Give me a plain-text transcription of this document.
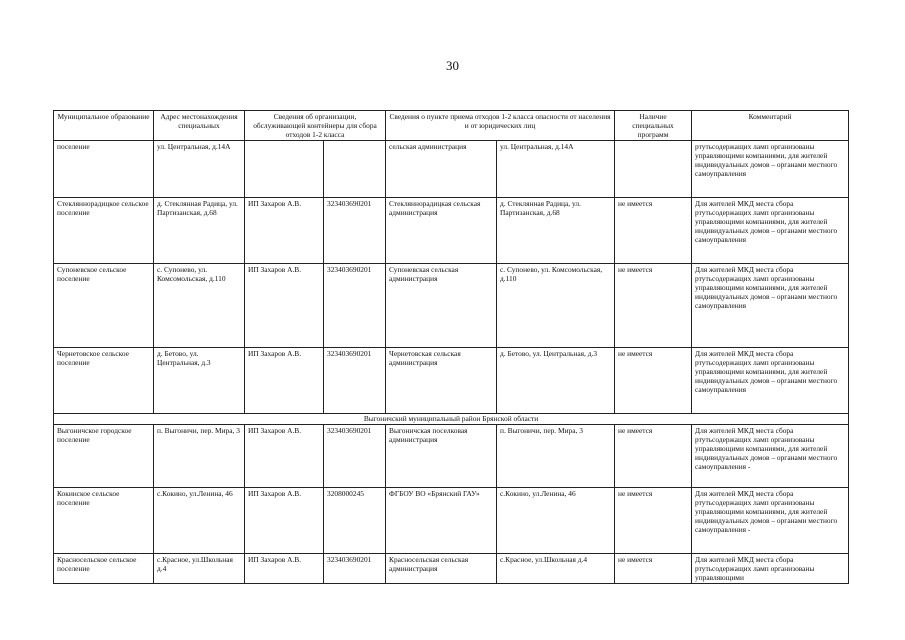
30
Муниципальное образование	Адрес местонахождения специальных	Сведения об организации, обслуживающей контейнеры для сбора отходов 1-2 класса		Сведения о пункте приема отходов 1-2 класса опасности от населения и от юридических лиц		Наличие специальных программ	Комментарий
поселение	ул. Центральная, д.14А			сельская администрация	ул. Центральная, д.14А		ртутьсодержащих ламп организованы управляющими компаниями, для жителей индивидуальных домов – органами местного самоуправления
Стекляннорадицкое сельское поселение	д. Стеклянная Радица, ул. Партизанская, д.68	ИП Захаров А.В.	323403690201	Стекляннорадицкая сельская администрация	д. Стеклянная Радица, ул. Партизанская, д.68	не имеется	Для жителей МКД места сбора ртутьсодержащих ламп организованы управляющими компаниями, для жителей индивидуальных домов – органами местного самоуправления
Супоневское сельское поселение	с. Супонево, ул. Комсомольская, д.110	ИП Захаров А.В.	323403690201	Супоневская сельская администрация	с. Супонево, ул. Комсомольская, д.110	не имеется	Для жителей МКД места сбора ртутьсодержащих ламп организованы управляющими компаниями, для жителей индивидуальных домов – органами местного самоуправления
Чернетовское сельское поселение	д. Бетово, ул. Центральная, д.3	ИП Захаров А.В.	323403690201	Чернетовская сельская администрация	д. Бетово, ул. Центральная, д.3	не имеется	Для жителей МКД места сбора ртутьсодержащих ламп организованы управляющими компаниями, для жителей индивидуальных домов – органами местного самоуправления
Выгоничский муниципальный район Брянской области							
Выгоничское городское поселение	п. Выгоничи, пер. Мира, 3	ИП Захаров А.В.	323403690201	Выгоничская поселковая администрация	п. Выгоничи, пер. Мира, 3	не имеется	Для жителей МКД места сбора ртутьсодержащих ламп организованы управляющими компаниями, для жителей индивидуальных домов – органами местного самоуправления -
Кокинское сельское поселение	с.Кокино, ул.Ленина, 46	ИП Захаров А.В.	3208000245	ФГБОУ ВО «Брянский ГАУ»	с.Кокино, ул.Ленина, 46	не имеется	Для жителей МКД места сбора ртутьсодержащих ламп организованы управляющими компаниями, для жителей индивидуальных домов – органами местного самоуправления -
Красносельское сельское поселение	с.Красное, ул.Школьная д.4	ИП Захаров А.В.	323403690201	Красносельская сельская администрация	с.Красное, ул.Школьная д.4	не имеется	Для жителей МКД места сбора ртутьсодержащих ламп организованы управляющими
